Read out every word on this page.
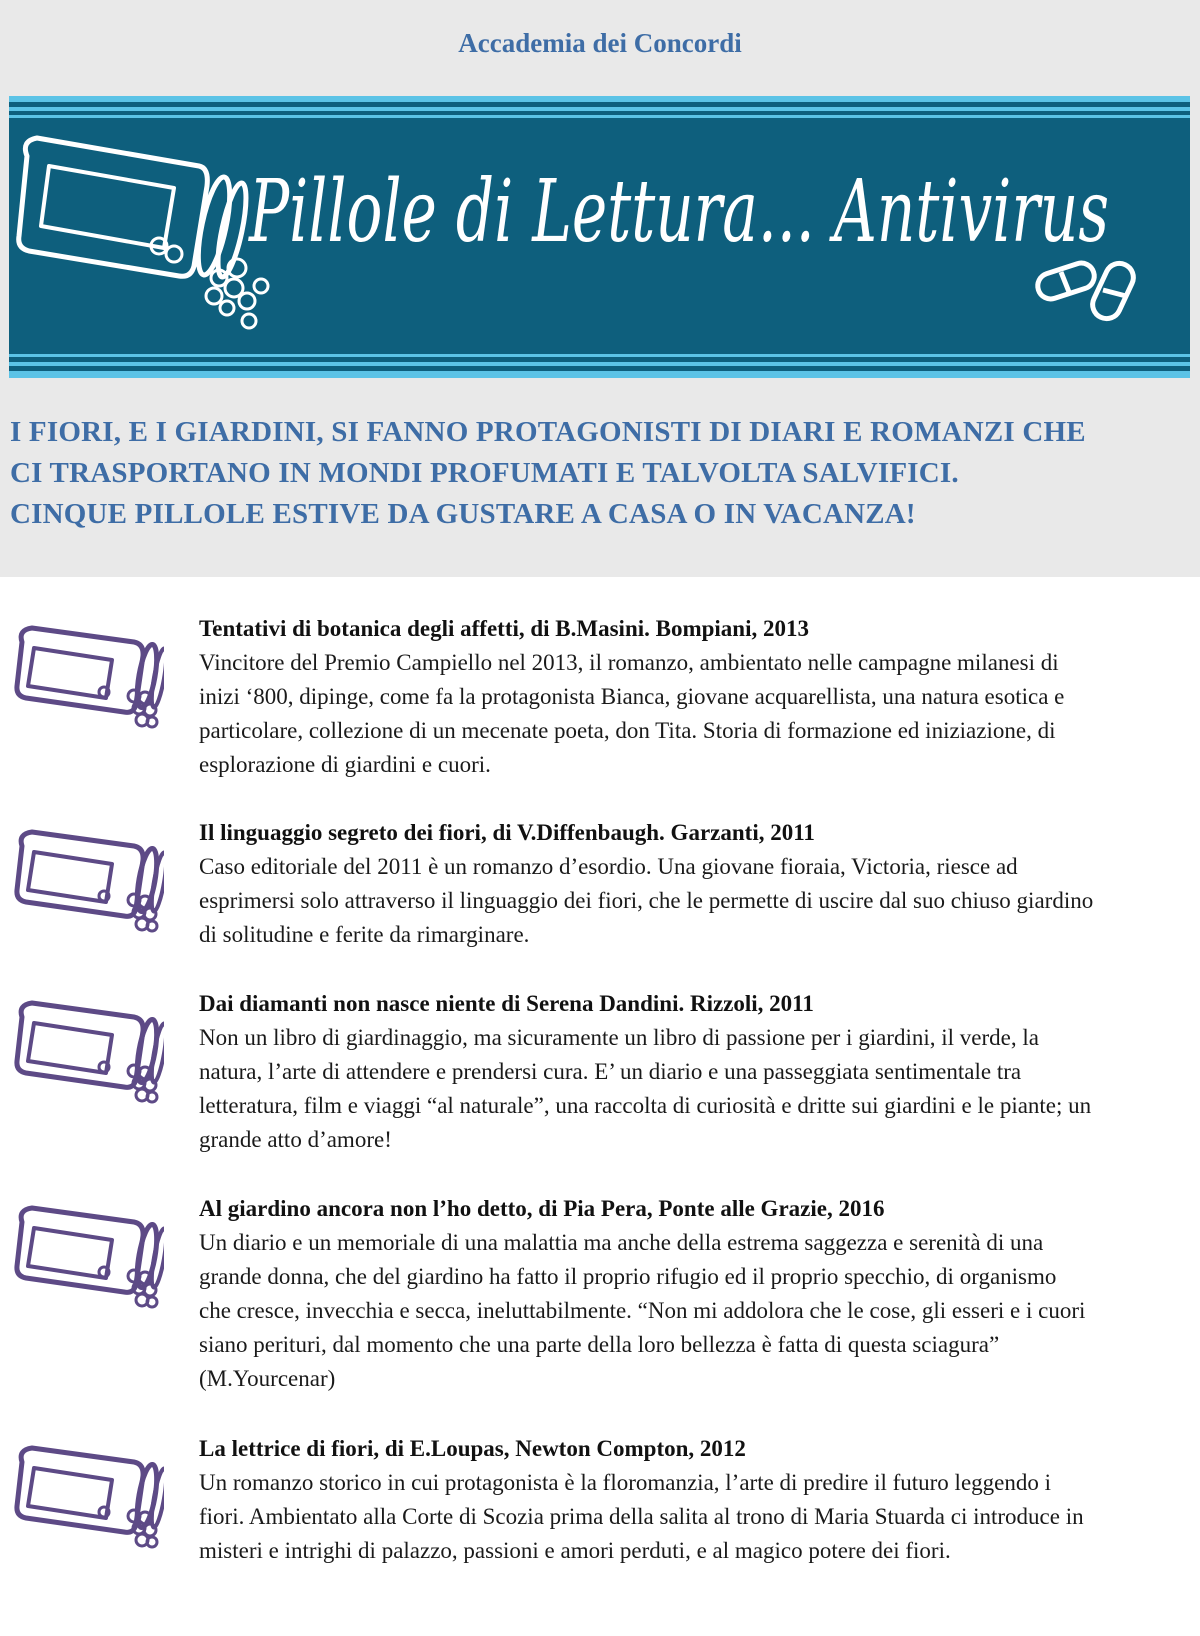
Accademia dei Concordi
Pillole di Lettura... Antivirus
I FIORI, E I GIARDINI, SI FANNO PROTAGONISTI DI DIARI E ROMANZI CHE
CI TRASPORTANO IN MONDI PROFUMATI E TALVOLTA SALVIFICI.
CINQUE PILLOLE ESTIVE DA GUSTARE A CASA O IN VACANZA!
Tentativi di botanica degli affetti, di B.Masini. Bompiani, 2013
Vincitore del Premio Campiello nel 2013, il romanzo, ambientato nelle campagne milanesi di
inizi ‘800, dipinge, come fa la protagonista Bianca, giovane acquarellista, una natura esotica e
particolare, collezione di un mecenate poeta, don Tita. Storia di formazione ed iniziazione, di
esplorazione di giardini e cuori.
Il linguaggio segreto dei fiori, di V.Diffenbaugh. Garzanti, 2011
Caso editoriale del 2011 è un romanzo d’esordio. Una giovane fioraia, Victoria, riesce ad
esprimersi solo attraverso il linguaggio dei fiori, che le permette di uscire dal suo chiuso giardino
di solitudine e ferite da rimarginare.
Dai diamanti non nasce niente di Serena Dandini. Rizzoli, 2011
Non un libro di giardinaggio, ma sicuramente un libro di passione per i giardini, il verde, la
natura, l’arte di attendere e prendersi cura. E’ un diario e una passeggiata sentimentale tra
letteratura, film e viaggi “al naturale”, una raccolta di curiosità e dritte sui giardini e le piante; un
grande atto d’amore!
Al giardino ancora non l’ho detto, di Pia Pera, Ponte alle Grazie, 2016
Un diario e un memoriale di una malattia ma anche della estrema saggezza e serenità di una
grande donna, che del giardino ha fatto il proprio rifugio ed il proprio specchio, di organismo
che cresce, invecchia e secca, ineluttabilmente. “Non mi addolora che le cose, gli esseri e i cuori
siano periturі, dal momento che una parte della loro bellezza è fatta di questa sciagura”
(M.Yourcenar)
La lettrice di fiori, di E.Loupas, Newton Compton, 2012
Un romanzo storico in cui protagonista è la floromanzia, l’arte di predire il futuro leggendo i
fiori. Ambientato alla Corte di Scozia prima della salita al trono di Maria Stuarda ci introduce in
misteri e intrighi di palazzo, passioni e amori perduti, e al magico potere dei fiori.
